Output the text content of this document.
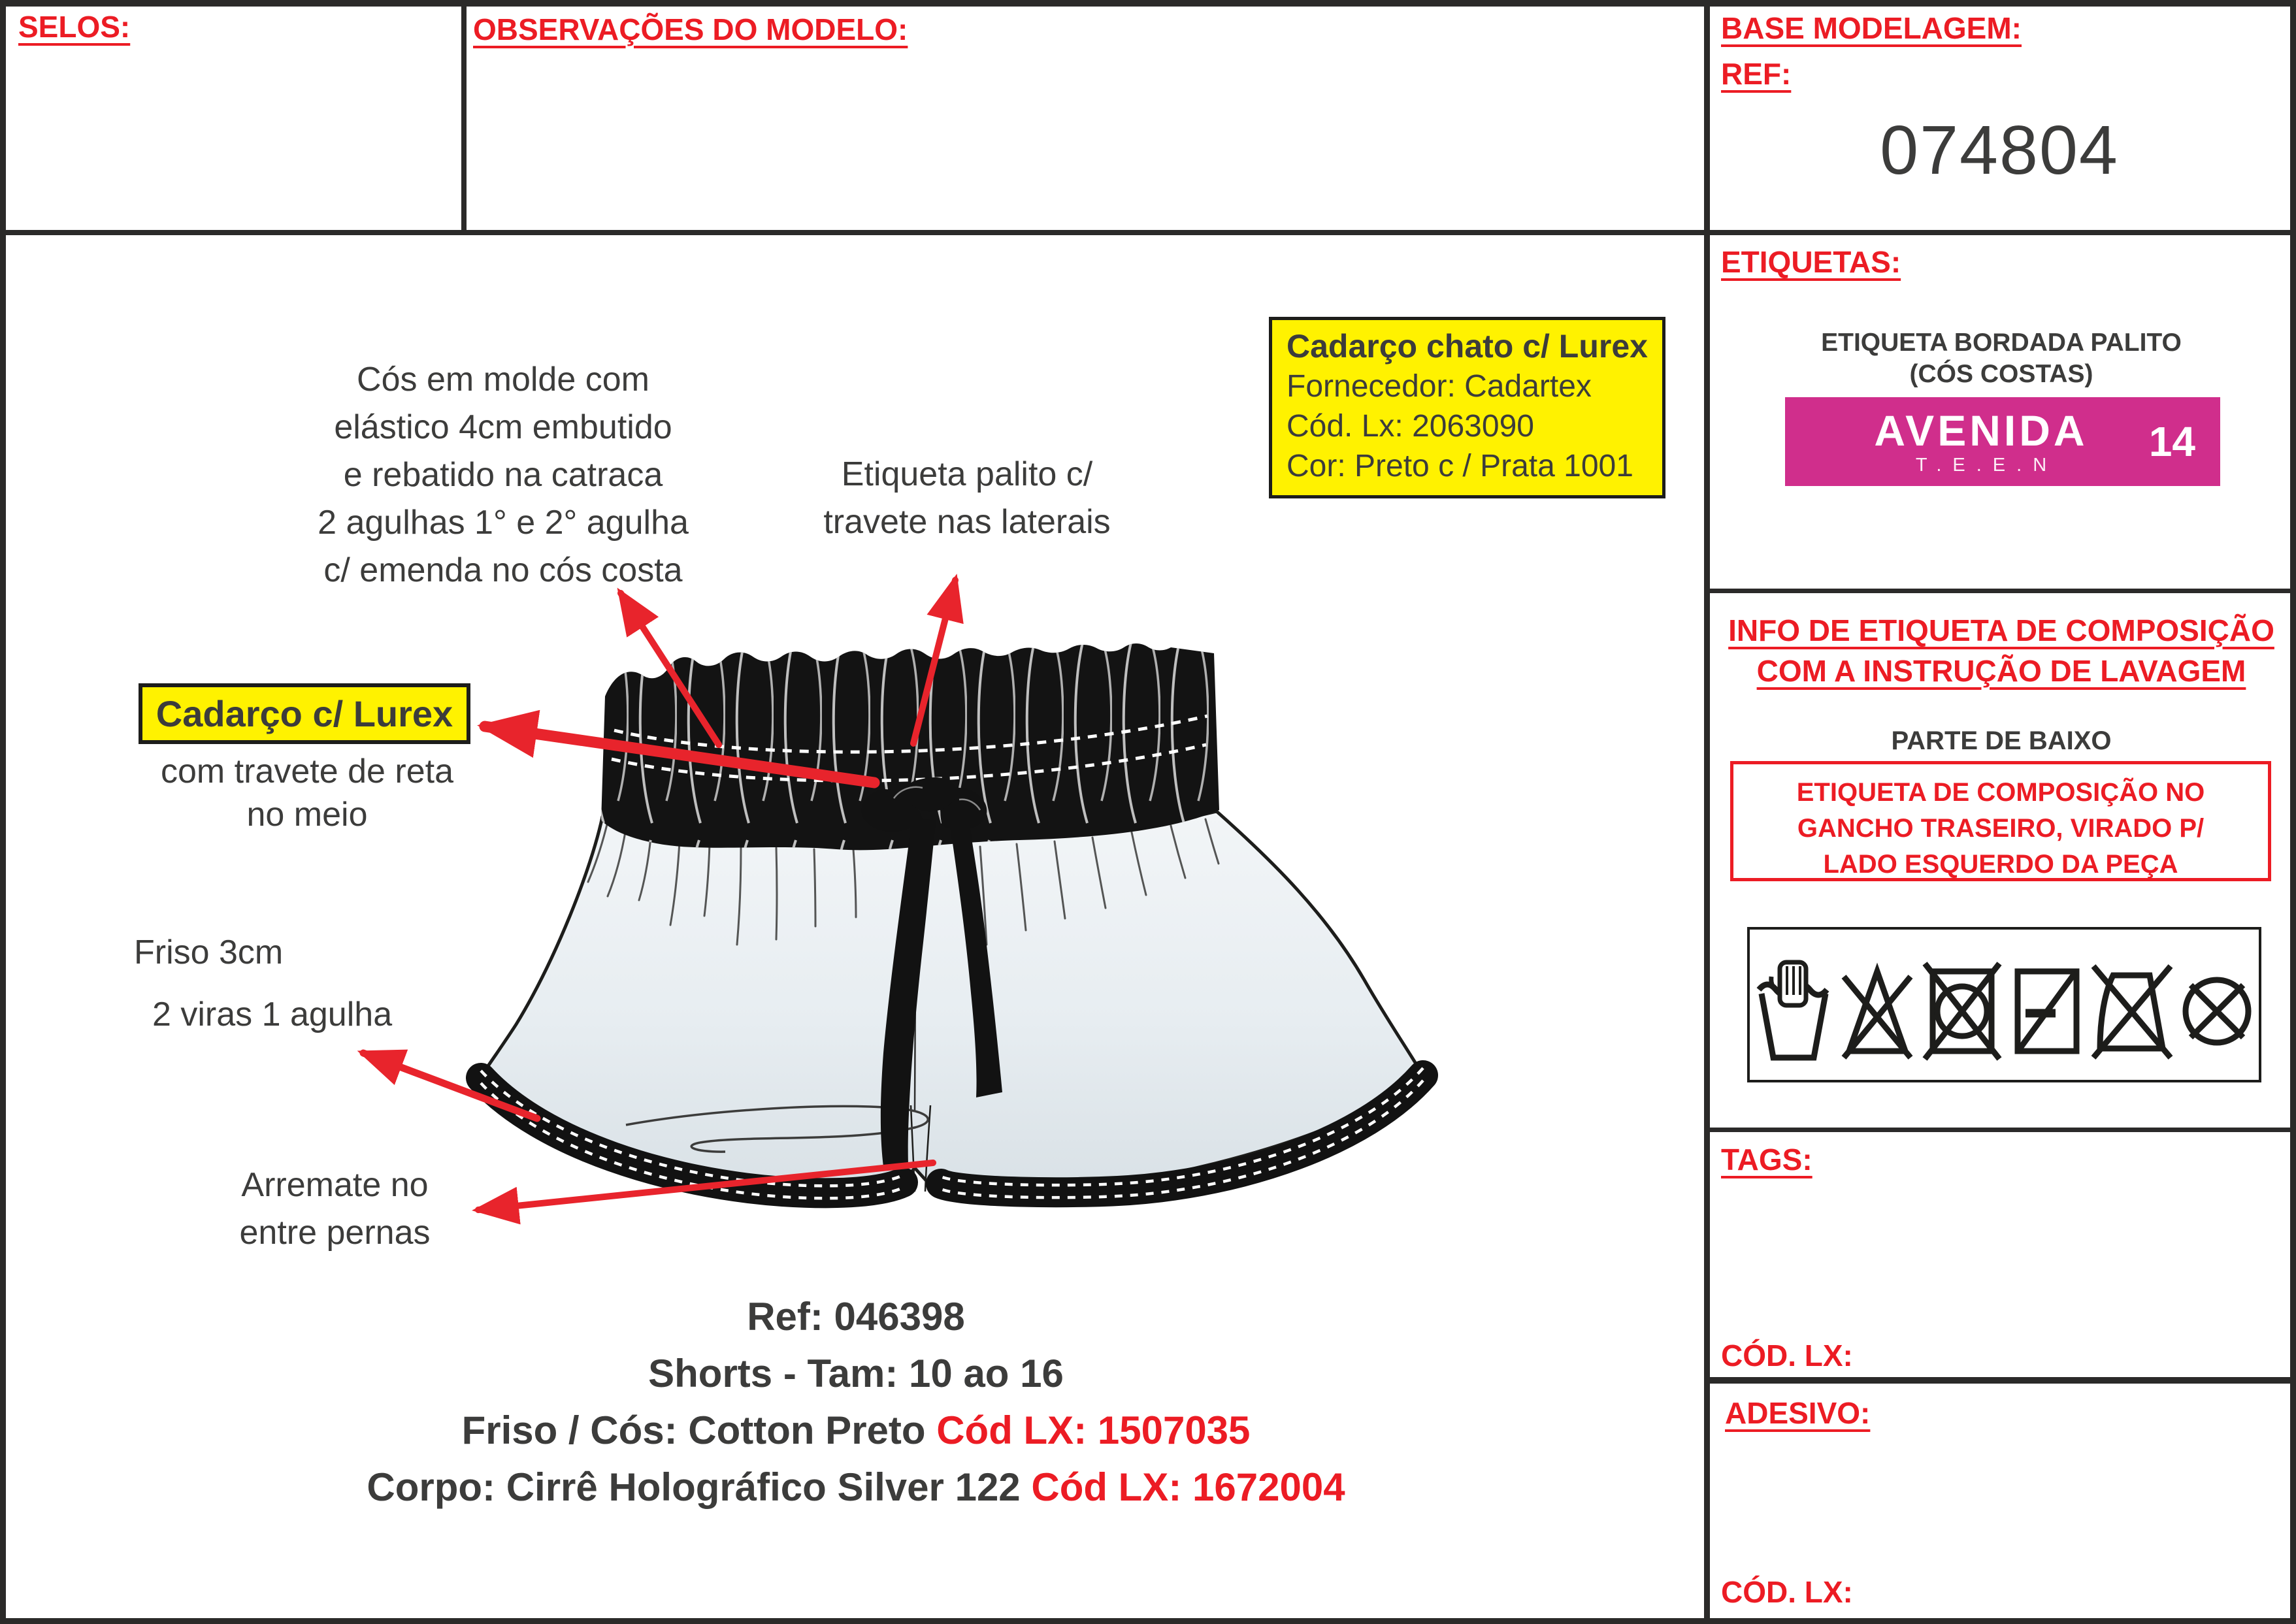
SELOS:	OBSERVAÇÕES DO MODELO:	BASE MODELAGEM:
REF:
074804
ETIQUETAS:
ETIQUETA BORDADA PALITO
(CÓS COSTAS)
AVENIDA
T.E.E.N	14
INFO DE ETIQUETA DE COMPOSIÇÃO
COM A INSTRUÇÃO DE LAVAGEM
PARTE DE BAIXO
ETIQUETA DE COMPOSIÇÃO NO
GANCHO TRASEIRO, VIRADO P/
LADO ESQUERDO DA PEÇA
TAGS:
CÓD. LX:
ADESIVO:
CÓD. LX:
Cós em molde com
elástico 4cm embutido
e rebatido na catraca
2 agulhas 1° e 2° agulha
c/ emenda no cós costa
Etiqueta palito c/
travete nas laterais
Cadarço c/ Lurex
com travete de reta
no meio
Friso 3cm
2 viras 1 agulha
Arremate no
entre pernas
Cadarço chato c/ Lurex
Fornecedor: Cadartex
Cód. Lx: 2063090
Cor: Preto c / Prata 1001
Ref: 046398
Shorts - Tam: 10 ao 16
Friso / Cós: Cotton Preto Cód LX: 1507035
Corpo: Cirrê Holográfico Silver 122 Cód LX: 1672004
